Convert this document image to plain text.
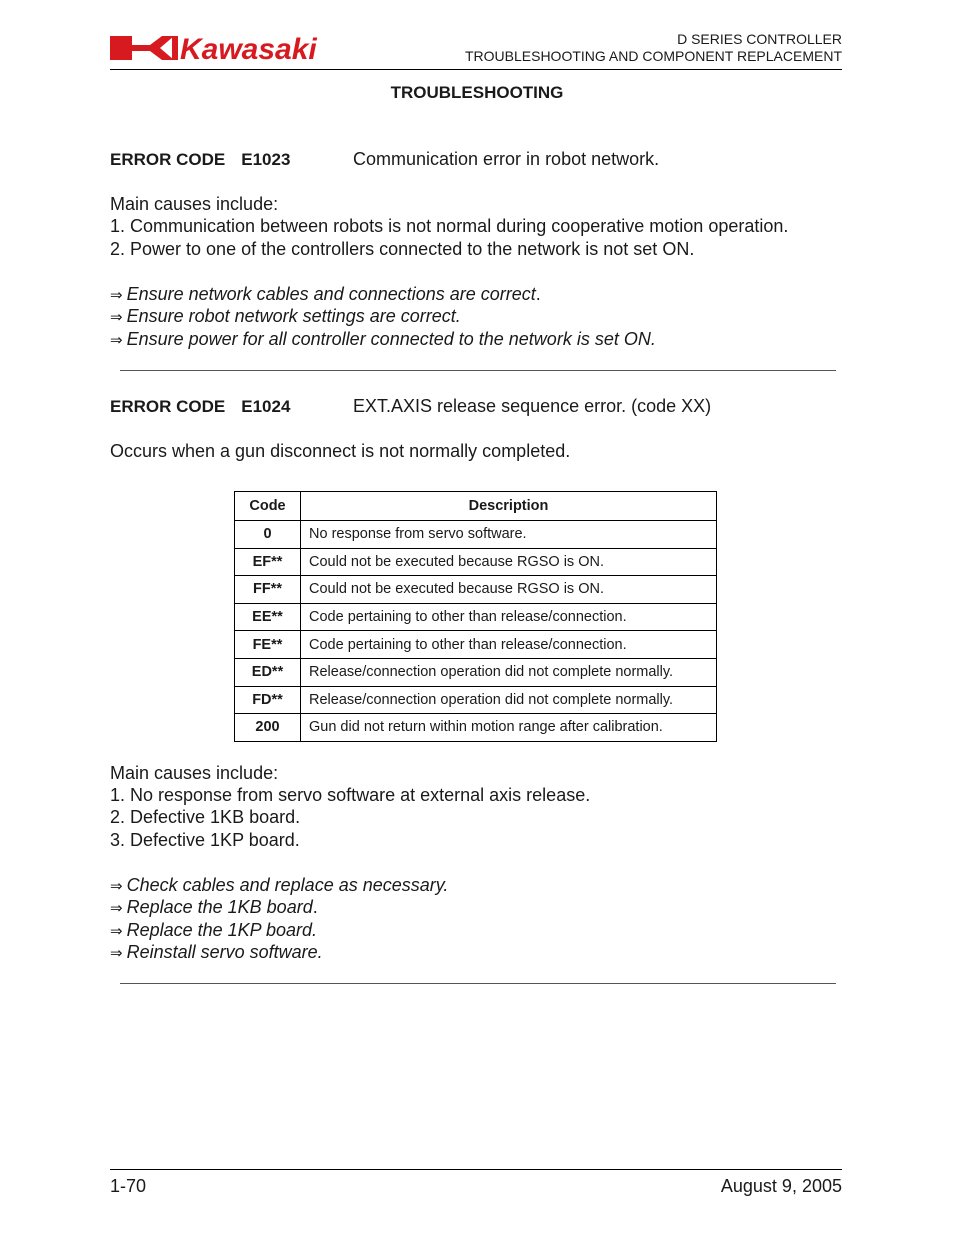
Kawasaki	D SERIES CONTROLLER
TROUBLESHOOTING AND COMPONENT REPLACEMENT
TROUBLESHOOTING
ERROR CODE E1023	Communication error in robot network.
Main causes include:
1. Communication between robots is not normal during cooperative motion operation.
2. Power to one of the controllers connected to the network is not set ON.
⇒ Ensure network cables and connections are correct.
⇒ Ensure robot network settings are correct.
⇒ Ensure power for all controller connected to the network is set ON.
ERROR CODE E1024	EXT.AXIS release sequence error. (code XX)
Occurs when a gun disconnect is not normally completed.
Code	Description
0	No response from servo software.
EF**	Could not be executed because RGSO is ON.
FF**	Could not be executed because RGSO is ON.
EE**	Code pertaining to other than release/connection.
FE**	Code pertaining to other than release/connection.
ED**	Release/connection operation did not complete normally.
FD**	Release/connection operation did not complete normally.
200	Gun did not return within motion range after calibration.
Main causes include:
1. No response from servo software at external axis release.
2. Defective 1KB board.
3. Defective 1KP board.
⇒ Check cables and replace as necessary.
⇒ Replace the 1KB board.
⇒ Replace the 1KP board.
⇒ Reinstall servo software.
1-70	August 9, 2005
